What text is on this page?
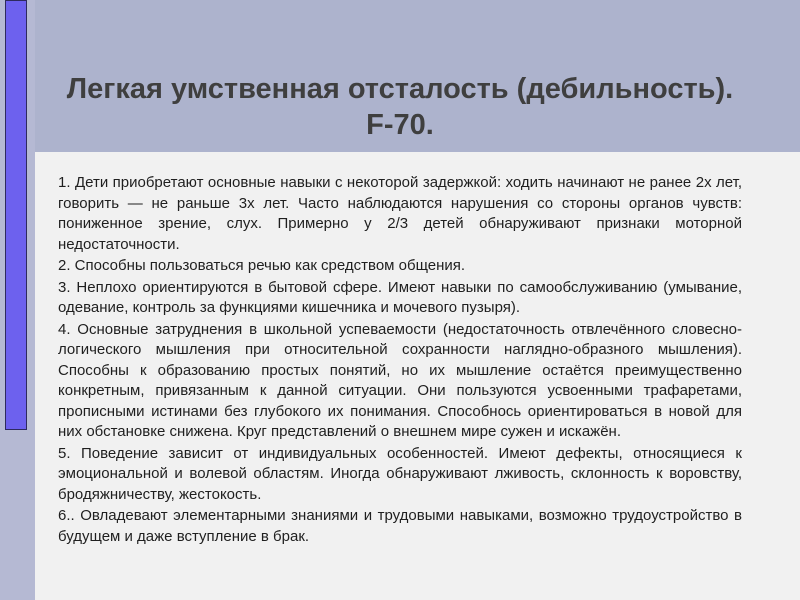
Легкая умственная отсталость (дебильность).
F-70.
1. Дети приобретают основные навыки с некоторой задержкой: ходить начинают не ранее 2х лет, говорить — не раньше 3х лет. Часто наблюдаются нарушения со стороны органов чувств: пониженное зрение, слух. Примерно у 2/3 детей обнаруживают признаки моторной недостаточности.
2. Способны пользоваться речью как средством общения.
3. Неплохо ориентируются в бытовой сфере. Имеют навыки по самообслуживанию (умывание, одевание, контроль за функциями кишечника и мочевого пузыря).
4. Основные затруднения в школьной успеваемости (недостаточность отвлечённого словесно-логического мышления при относительной сохранности наглядно-образного мышления). Способны к образованию простых понятий, но их мышление остаётся преимущественно конкретным, привязанным к данной ситуации. Они пользуются усвоенными трафаретами, прописными истинами без глубокого их понимания. Способнось ориентироваться в новой для них обстановке снижена. Круг представлений о внешнем мире сужен и искажён.
5. Поведение зависит от индивидуальных особенностей. Имеют дефекты, относящиеся к эмоциональной и волевой областям. Иногда обнаруживают лживость, склонность к воровству, бродяжничеству, жестокость.
6.. Овладевают элементарными знаниями и трудовыми навыками, возможно трудоустройство в будущем и даже вступление в брак.
